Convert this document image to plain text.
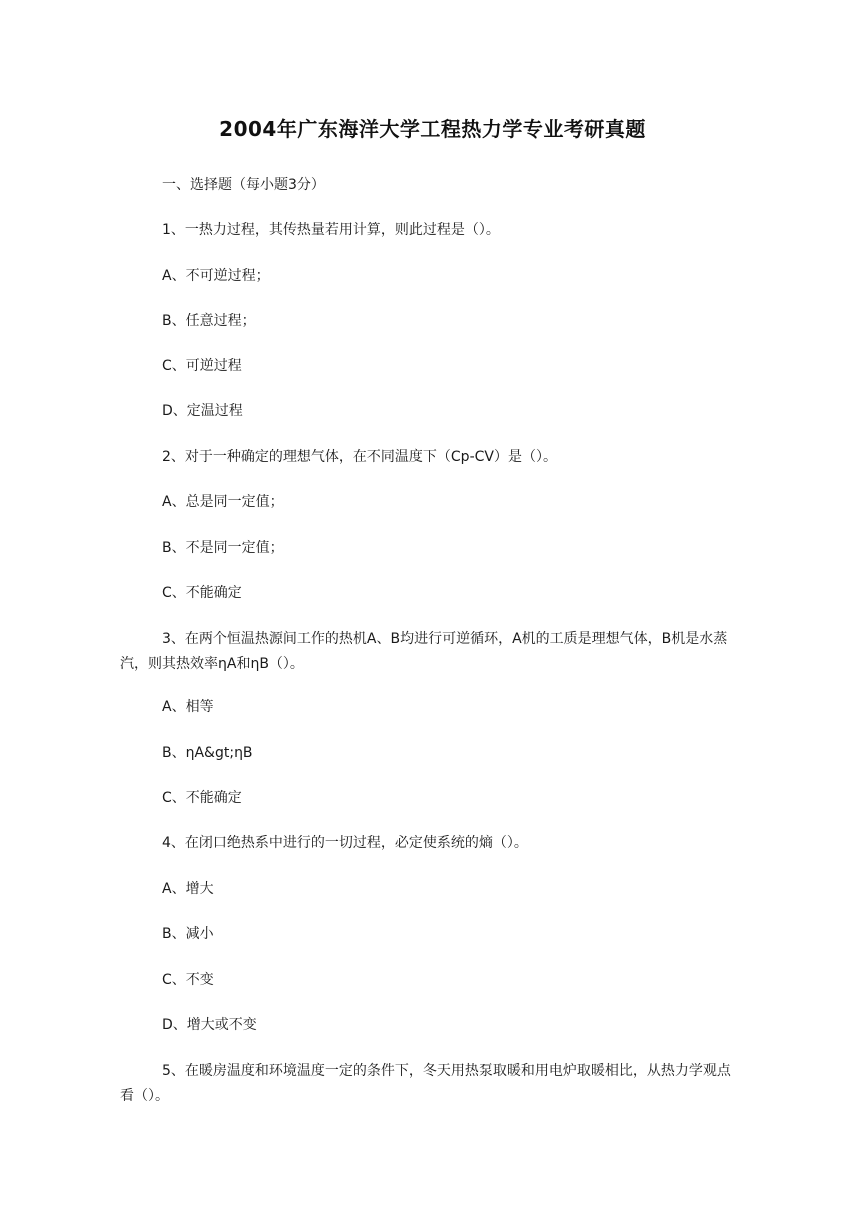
2004年广东海洋大学工程热力学专业考研真题
一、选择题（每小题3分）
1、一热力过程，其传热量若用计算，则此过程是（）。
A、不可逆过程；
B、任意过程；
C、可逆过程
D、定温过程
2、对于一种确定的理想气体，在不同温度下（Cp-CV）是（）。
A、总是同一定值；
B、不是同一定值；
C、不能确定
3、在两个恒温热源间工作的热机A、B均进行可逆循环，A机的工质是理想气体，B机是水蒸汽，则其热效率ηA和ηB（）。
A、相等
B、ηA&gt;ηB
C、不能确定
4、在闭口绝热系中进行的一切过程，必定使系统的熵（）。
A、增大
B、减小
C、不变
D、增大或不变
5、在暖房温度和环境温度一定的条件下，冬天用热泵取暖和用电炉取暖相比，从热力学观点看（）。
